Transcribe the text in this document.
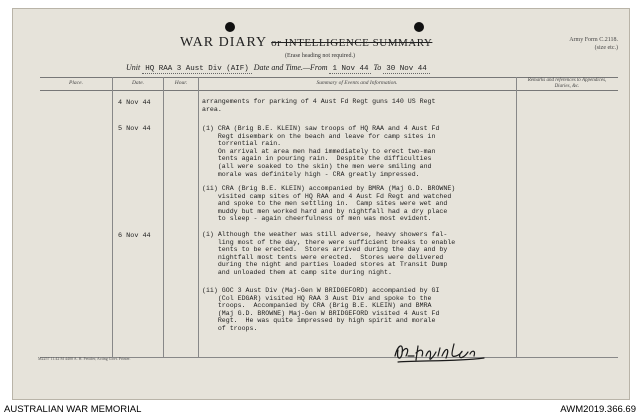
WAR DIARY or INTELLIGENCE SUMMARY
(Erase heading not required.)
Army Form C.2118.
(size etc.)
Unit HQ RAA 3 Aust Div (AIF) Date and Time.—From 1 Nov 44 To 30 Nov 44
Place.	Date.	Hour.	Summary of Events and Information.	Remarks and references to Appendices, Diaries, &c.
4 Nov 44	arrangements for parking of 4 Aust Fd Regt guns 140 US Regt
area.
5 Nov 44	(1) CRA (Brig B.E. KLEIN) saw troops of HQ RAA and 4 Aust Fd
Regt disembark on the beach and leave for camp sites in
torrential rain.
On arrival at area men had immediately to erect two-man
tents again in pouring rain.  Despite the difficulties
(all were soaked to the skin) the men were smiling and
morale was definitely high - CRA greatly impressed.
(ii) CRA (Brig B.E. KLEIN) accompanied by BMRA (Maj G.D. BROWNE)
visited camp sites of HQ RAA and 4 Aust Fd Regt and watched
and spoke to the men settling in.  Camp sites were wet and
muddy but men worked hard and by nightfall had a dry place
to sleep - again cheerfulness of men was most evident.
6 Nov 44	(i) Although the weather was still adverse, heavy showers fal-
ling most of the day, there were sufficient breaks to enable
tents to be erected.  Stores arrived during the day and by
nightfall most tents were erected.  Stores were delivered
during the night and parties loaded stores at Transit Dump
and unloaded them at camp site during night.
(ii) GOC 3 Aust Div (Maj-Gen W BRIDGEFORD) accompanied by GI
(Col EDGAR) visited HQ RAA 3 Aust Div and spoke to the
troops.  Accompanied by CRA (Brig B.E. KLEIN) and BMRA
(Maj G.D. BROWNE) Maj-Gen W BRIDGEFORD visited 4 Aust Fd
Regt.  He was quite impressed by high spirit and morale
of troops.
M2257 11.42 M 4400 A. H. Pettifer, Acting Govt. Printer.
AUSTRALIAN WAR MEMORIAL	AWM2019.366.69
